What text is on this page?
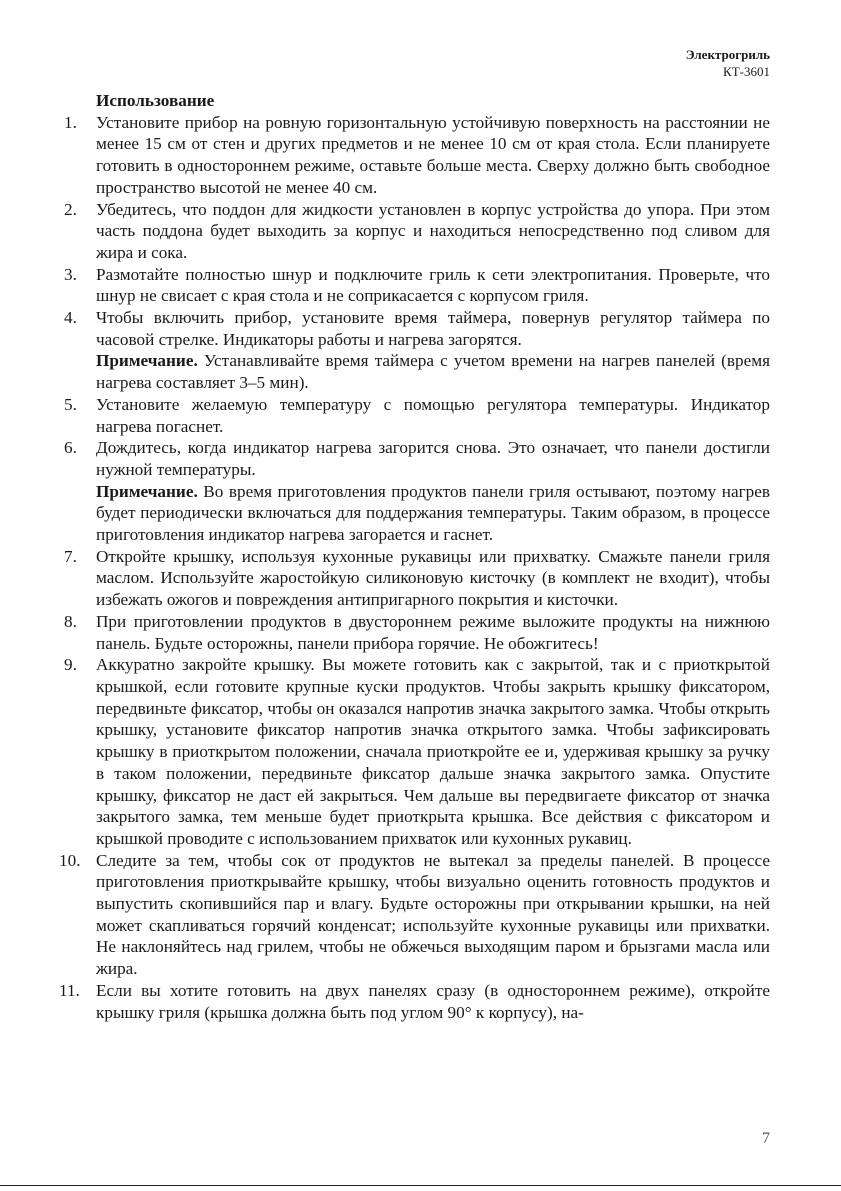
Электрогриль
КТ-3601
Использование
1. Установите прибор на ровную горизонтальную устойчивую поверхность на расстоянии не менее 15 см от стен и других предметов и не менее 10 см от края стола. Если планируете готовить в одностороннем режиме, оставьте больше места. Сверху должно быть свободное пространство высотой не менее 40 см.
2. Убедитесь, что поддон для жидкости установлен в корпус устройства до упора. При этом часть поддона будет выходить за корпус и находиться непосредственно под сливом для жира и сока.
3. Размотайте полностью шнур и подключите гриль к сети электропитания. Проверьте, что шнур не свисает с края стола и не соприкасается с корпусом гриля.
4. Чтобы включить прибор, установите время таймера, повернув регулятор таймера по часовой стрелке. Индикаторы работы и нагрева загорятся.
Примечание. Устанавливайте время таймера с учетом времени на нагрев панелей (время нагрева составляет 3–5 мин).
5. Установите желаемую температуру с помощью регулятора температуры. Индикатор нагрева погаснет.
6. Дождитесь, когда индикатор нагрева загорится снова. Это означает, что панели достигли нужной температуры.
Примечание. Во время приготовления продуктов панели гриля остывают, поэтому нагрев будет периодически включаться для поддержания температуры. Таким образом, в процессе приготовления индикатор нагрева загорается и гаснет.
7. Откройте крышку, используя кухонные рукавицы или прихватку. Смажьте панели гриля маслом. Используйте жаростойкую силиконовую кисточку (в комплект не входит), чтобы избежать ожогов и повреждения антипригарного покрытия и кисточки.
8. При приготовлении продуктов в двустороннем режиме выложите продукты на нижнюю панель. Будьте осторожны, панели прибора горячие. Не обожгитесь!
9. Аккуратно закройте крышку. Вы можете готовить как с закрытой, так и с приоткрытой крышкой, если готовите крупные куски продуктов. Чтобы закрыть крышку фиксатором, передвиньте фиксатор, чтобы он оказался напротив значка закрытого замка. Чтобы открыть крышку, установите фиксатор напротив значка открытого замка. Чтобы зафиксировать крышку в приоткрытом положении, сначала приоткройте ее и, удерживая крышку за ручку в таком положении, передвиньте фиксатор дальше значка закрытого замка. Опустите крышку, фиксатор не даст ей закрыться. Чем дальше вы передвигаете фиксатор от значка закрытого замка, тем меньше будет приоткрыта крышка. Все действия с фиксатором и крышкой проводите с использованием прихваток или кухонных рукавиц.
10. Следите за тем, чтобы сок от продуктов не вытекал за пределы панелей. В процессе приготовления приоткрывайте крышку, чтобы визуально оценить готовность продуктов и выпустить скопившийся пар и влагу. Будьте осторожны при открывании крышки, на ней может скапливаться горячий конденсат; используйте кухонные рукавицы или прихватки. Не наклоняйтесь над грилем, чтобы не обжечься выходящим паром и брызгами масла или жира.
11. Если вы хотите готовить на двух панелях сразу (в одностороннем режиме), откройте крышку гриля (крышка должна быть под углом 90° к корпусу), на-
7
